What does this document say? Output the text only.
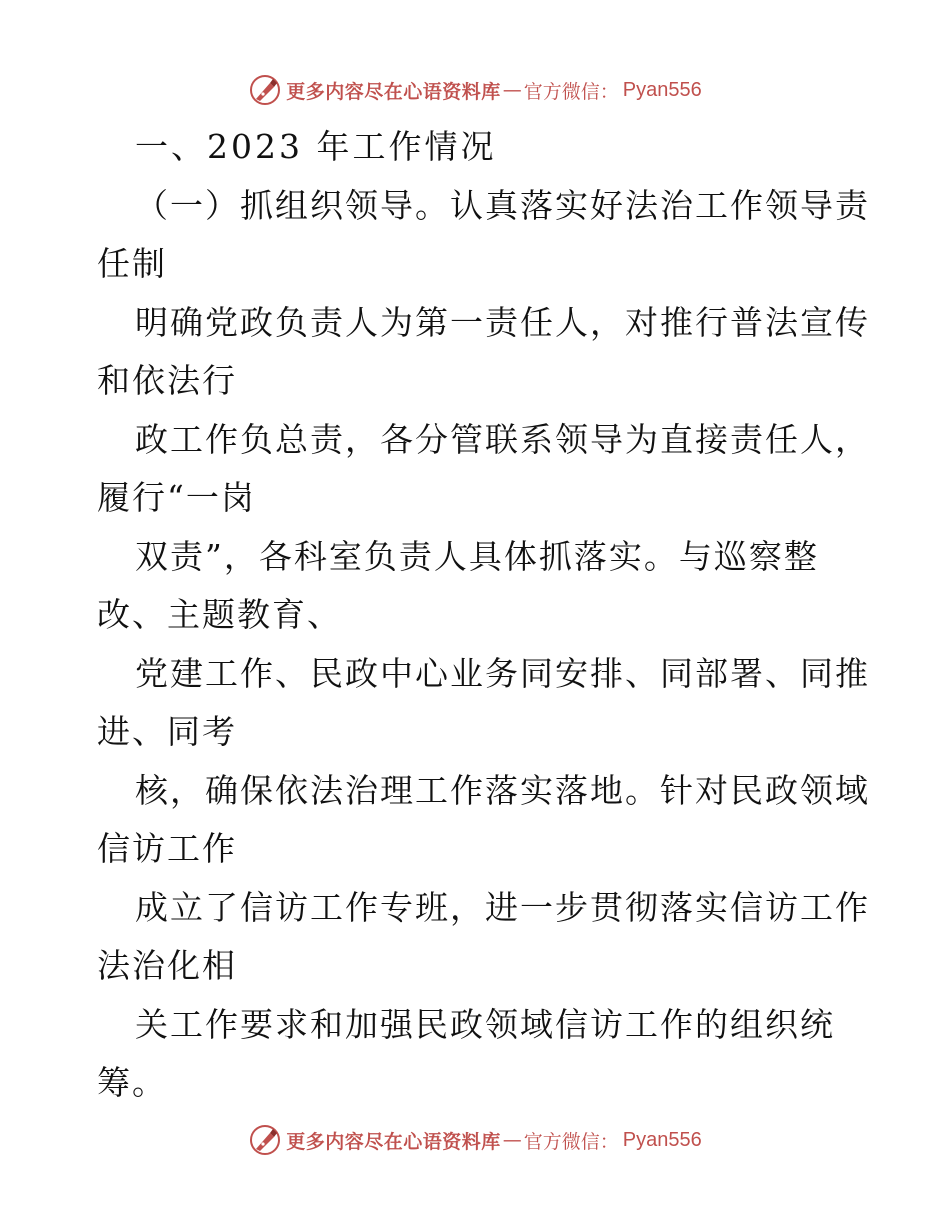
更多内容尽在心语资料库 — 官方微信： Pyan556
一、2023 年工作情况
（一）抓组织领导。认真落实好法治工作领导责
任制
明确党政负责人为第一责任人，对推行普法宣传
和依法行
政工作负总责，各分管联系领导为直接责任人，
履行“一岗
双责”，各科室负责人具体抓落实。与巡察整
改、主题教育、
党建工作、民政中心业务同安排、同部署、同推
进、同考
核，确保依法治理工作落实落地。针对民政领域
信访工作
成立了信访工作专班，进一步贯彻落实信访工作
法治化相
关工作要求和加强民政领域信访工作的组织统
筹。
更多内容尽在心语资料库 — 官方微信： Pyan556
